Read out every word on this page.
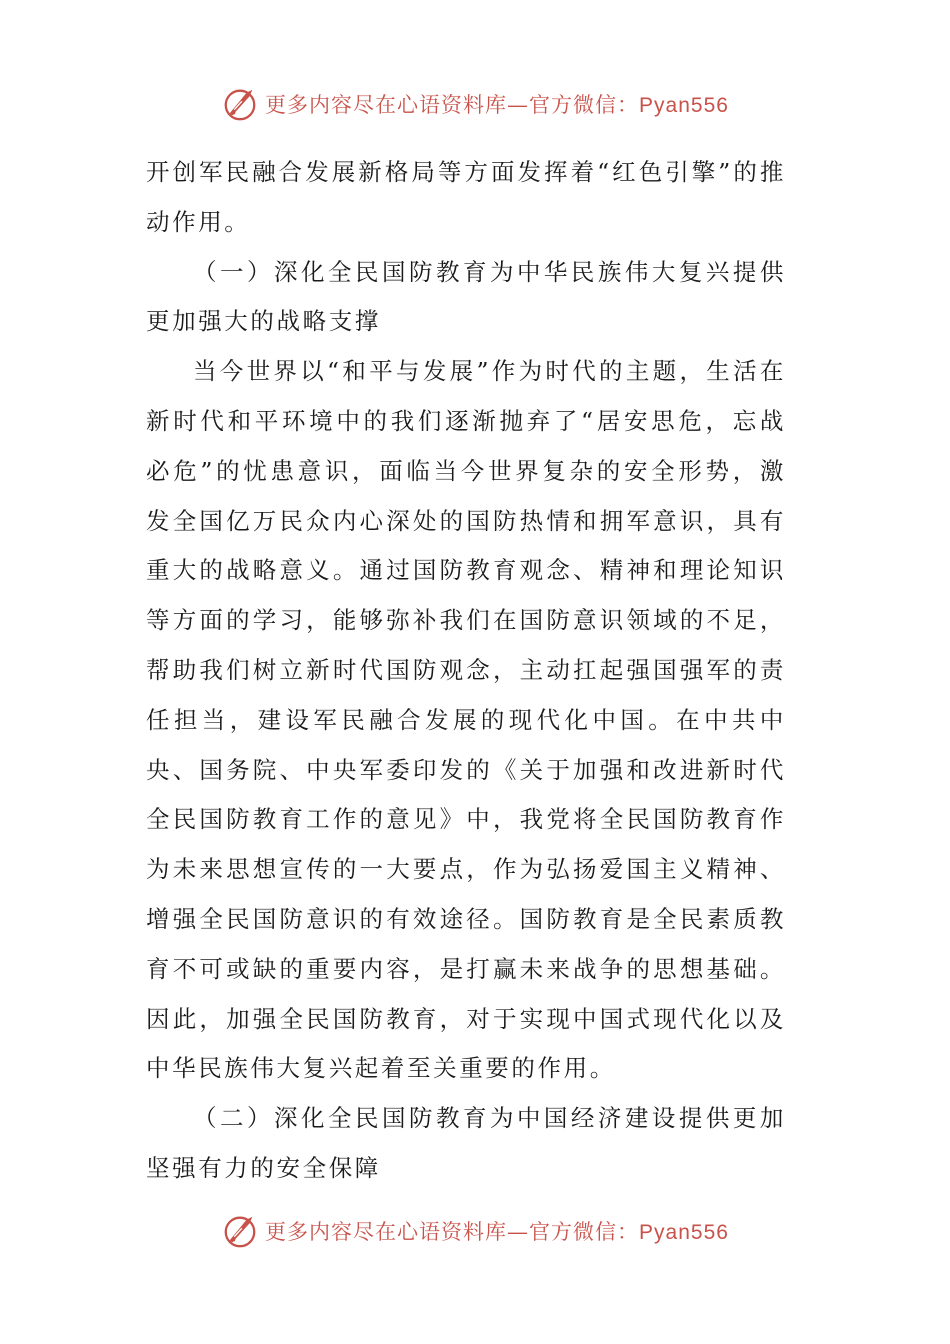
更多内容尽在心语资料库—官方微信：Pyan556

开创军民融合发展新格局等方面发挥着“红色引擎”的推动作用。

（一）深化全民国防教育为中华民族伟大复兴提供更加强大的战略支撑

当今世界以“和平与发展”作为时代的主题，生活在新时代和平环境中的我们逐渐抛弃了“居安思危，忘战必危”的忧患意识，面临当今世界复杂的安全形势，激发全国亿万民众内心深处的国防热情和拥军意识，具有重大的战略意义。通过国防教育观念、精神和理论知识等方面的学习，能够弥补我们在国防意识领域的不足，帮助我们树立新时代国防观念，主动扛起强国强军的责任担当，建设军民融合发展的现代化中国。在中共中央、国务院、中央军委印发的《关于加强和改进新时代全民国防教育工作的意见》中，我党将全民国防教育作为未来思想宣传的一大要点，作为弘扬爱国主义精神、增强全民国防意识的有效途径。国防教育是全民素质教育不可或缺的重要内容，是打赢未来战争的思想基础。因此，加强全民国防教育，对于实现中国式现代化以及中华民族伟大复兴起着至关重要的作用。

（二）深化全民国防教育为中国经济建设提供更加坚强有力的安全保障

更多内容尽在心语资料库—官方微信：Pyan556
